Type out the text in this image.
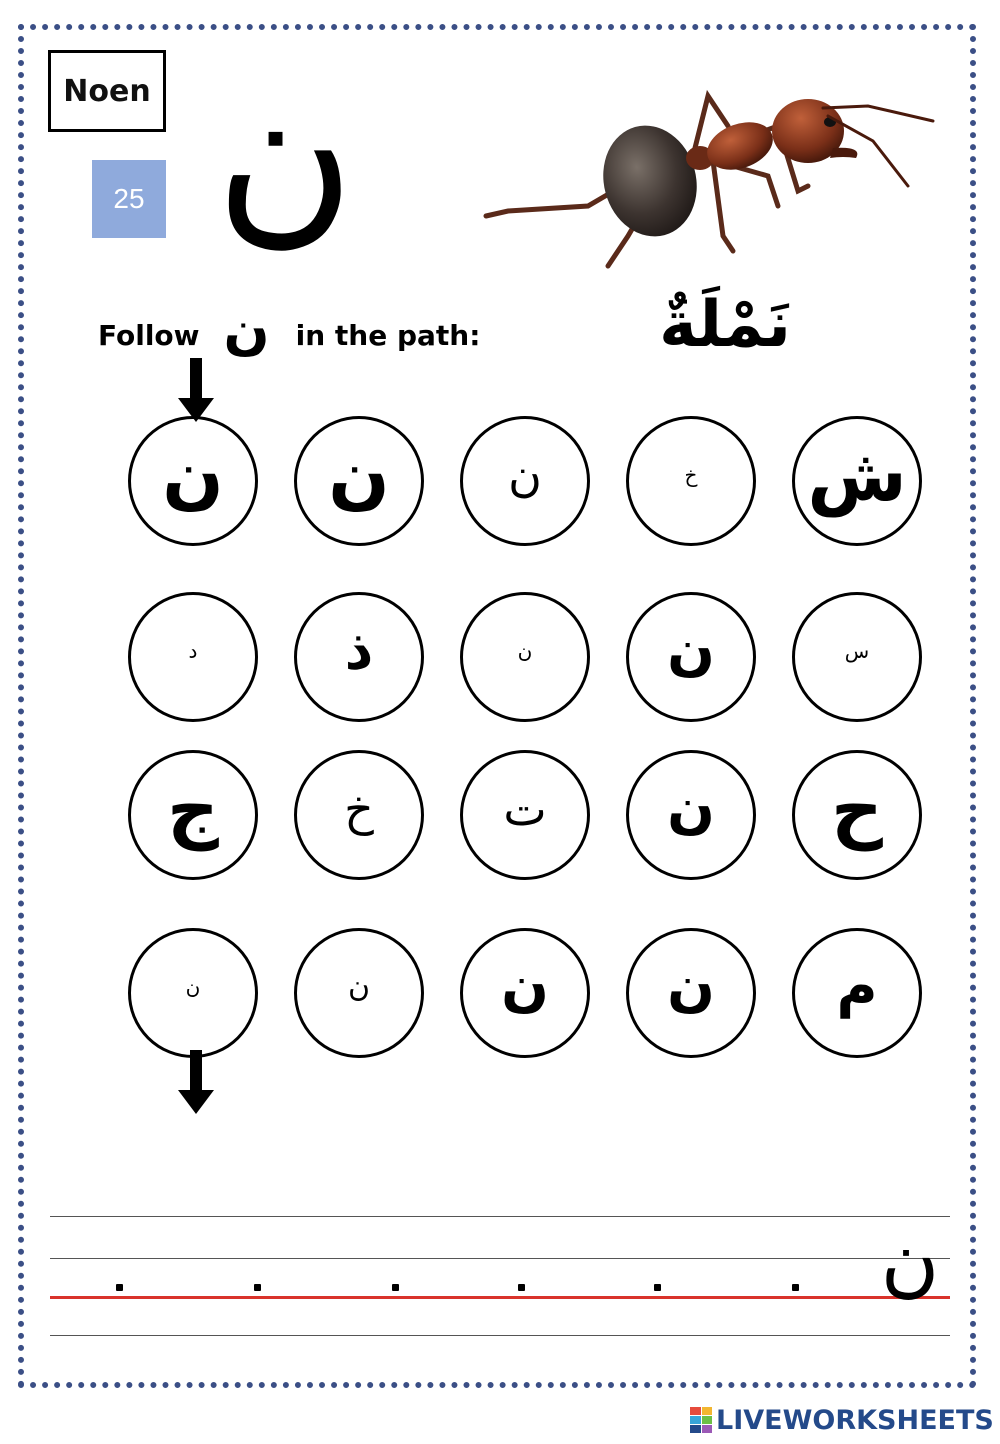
Noen
25 ن
نَمْلَةٌ
Follow ن in the path:
ن ن	ن	خ ش
د	ذ	ن ن	س
ج	خ	ت ن ح
ن	ن ن ن م
ن
LIVEWORKSHEETS
